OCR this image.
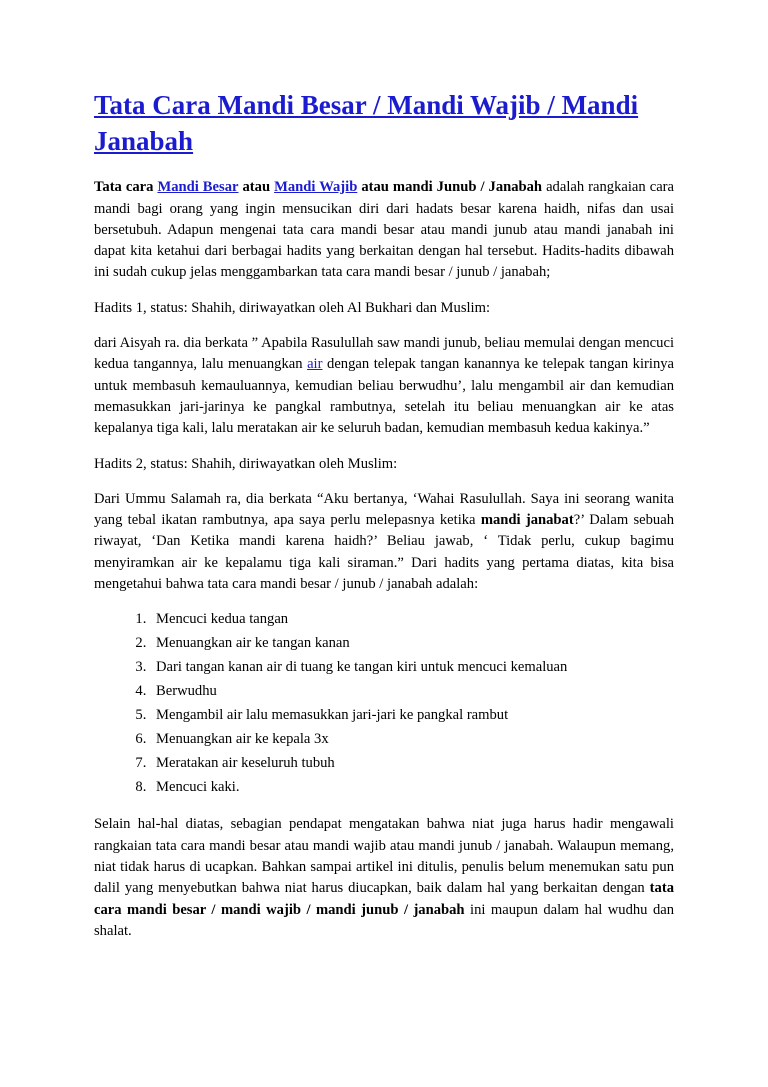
Tata Cara Mandi Besar / Mandi Wajib / Mandi Janabah

Tata cara Mandi Besar atau Mandi Wajib atau mandi Junub / Janabah adalah rangkaian cara mandi bagi orang yang ingin mensucikan diri dari hadats besar karena haidh, nifas dan usai bersetubuh. Adapun mengenai tata cara mandi besar atau mandi junub atau mandi janabah ini dapat kita ketahui dari berbagai hadits yang berkaitan dengan hal tersebut. Hadits-hadits dibawah ini sudah cukup jelas menggambarkan tata cara mandi besar / junub / janabah;

Hadits 1, status: Shahih, diriwayatkan oleh Al Bukhari dan Muslim:

dari Aisyah ra. dia berkata ” Apabila Rasulullah saw mandi junub, beliau memulai dengan mencuci kedua tangannya, lalu menuangkan air dengan telepak tangan kanannya ke telepak tangan kirinya untuk membasuh kemauluannya, kemudian beliau berwudhu’, lalu mengambil air dan kemudian memasukkan jari-jarinya ke pangkal rambutnya, setelah itu beliau menuangkan air ke atas kepalanya tiga kali, lalu meratakan air ke seluruh badan, kemudian membasuh kedua kakinya.”

Hadits 2, status: Shahih, diriwayatkan oleh Muslim:

Dari Ummu Salamah ra, dia berkata “Aku bertanya, ‘Wahai Rasulullah. Saya ini seorang wanita yang tebal ikatan rambutnya, apa saya perlu melepasnya ketika mandi janabat?’ Dalam sebuah riwayat, ‘Dan Ketika mandi karena haidh?’ Beliau jawab, ‘ Tidak perlu, cukup bagimu menyiramkan air ke kepalamu tiga kali siraman.” Dari hadits yang pertama diatas, kita bisa mengetahui bahwa tata cara mandi besar / junub / janabah adalah:

1. Mencuci kedua tangan
2. Menuangkan air ke tangan kanan
3. Dari tangan kanan air di tuang ke tangan kiri untuk mencuci kemaluan
4. Berwudhu
5. Mengambil air lalu memasukkan jari-jari ke pangkal rambut
6. Menuangkan air ke kepala 3x
7. Meratakan air keseluruh tubuh
8. Mencuci kaki.

Selain hal-hal diatas, sebagian pendapat mengatakan bahwa niat juga harus hadir mengawali rangkaian tata cara mandi besar atau mandi wajib atau mandi junub / janabah. Walaupun memang, niat tidak harus di ucapkan. Bahkan sampai artikel ini ditulis, penulis belum menemukan satu pun dalil yang menyebutkan bahwa niat harus diucapkan, baik dalam hal yang berkaitan dengan tata cara mandi besar / mandi wajib / mandi junub / janabah ini maupun dalam hal wudhu dan shalat.
